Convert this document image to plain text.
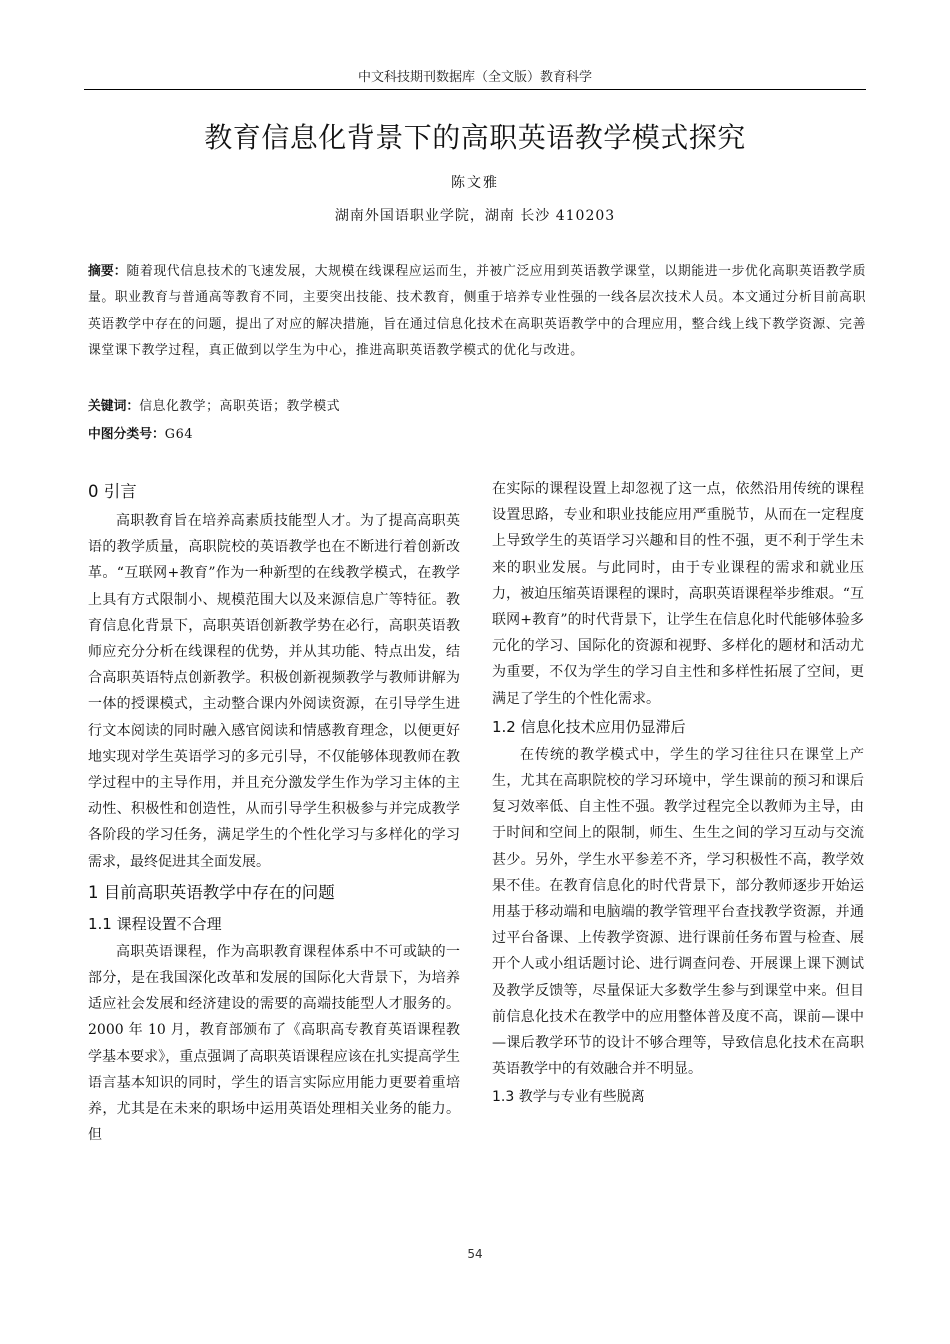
中文科技期刊数据库（全文版）教育科学
教育信息化背景下的高职英语教学模式探究
陈文雅
湖南外国语职业学院，湖南 长沙 410203
摘要：随着现代信息技术的飞速发展，大规模在线课程应运而生，并被广泛应用到英语教学课堂，以期能进一步优化高职英语教学质量。职业教育与普通高等教育不同，主要突出技能、技术教育，侧重于培养专业性强的一线各层次技术人员。本文通过分析目前高职英语教学中存在的问题，提出了对应的解决措施，旨在通过信息化技术在高职英语教学中的合理应用，整合线上线下教学资源、完善课堂课下教学过程，真正做到以学生为中心，推进高职英语教学模式的优化与改进。
关键词：信息化教学；高职英语；教学模式
中图分类号：G64
0 引言

高职教育旨在培养高素质技能型人才。为了提高高职英语的教学质量，高职院校的英语教学也在不断进行着创新改革。“互联网+教育”作为一种新型的在线教学模式，在教学上具有方式限制小、规模范围大以及来源信息广等特征。教育信息化背景下，高职英语创新教学势在必行，高职英语教师应充分分析在线课程的优势，并从其功能、特点出发，结合高职英语特点创新教学。积极创新视频教学与教师讲解为一体的授课模式，主动整合课内外阅读资源，在引导学生进行文本阅读的同时融入感官阅读和情感教育理念，以便更好地实现对学生英语学习的多元引导，不仅能够体现教师在教学过程中的主导作用，并且充分激发学生作为学习主体的主动性、积极性和创造性，从而引导学生积极参与并完成教学各阶段的学习任务，满足学生的个性化学习与多样化的学习需求，最终促进其全面发展。

1 目前高职英语教学中存在的问题
1.1 课程设置不合理

高职英语课程，作为高职教育课程体系中不可或缺的一部分，是在我国深化改革和发展的国际化大背景下，为培养适应社会发展和经济建设的需要的高端技能型人才服务的。2000 年 10 月，教育部颁布了《高职高专教育英语课程教学基本要求》，重点强调了高职英语课程应该在扎实提高学生语言基本知识的同时，学生的语言实际应用能力更要着重培养，尤其是在未来的职场中运用英语处理相关业务的能力。但

在实际的课程设置上却忽视了这一点，依然沿用传统的课程设置思路，专业和职业技能应用严重脱节，从而在一定程度上导致学生的英语学习兴趣和目的性不强，更不利于学生未来的职业发展。与此同时，由于专业课程的需求和就业压力，被迫压缩英语课程的课时，高职英语课程举步维艰。“互联网+教育”的时代背景下，让学生在信息化时代能够体验多元化的学习、国际化的资源和视野、多样化的题材和活动尤为重要，不仅为学生的学习自主性和多样性拓展了空间，更满足了学生的个性化需求。

1.2 信息化技术应用仍显滞后

在传统的教学模式中，学生的学习往往只在课堂上产生，尤其在高职院校的学习环境中，学生课前的预习和课后复习效率低、自主性不强。教学过程完全以教师为主导，由于时间和空间上的限制，师生、生生之间的学习互动与交流甚少。另外，学生水平参差不齐，学习积极性不高，教学效果不佳。在教育信息化的时代背景下，部分教师逐步开始运用基于移动端和电脑端的教学管理平台查找教学资源，并通过平台备课、上传教学资源、进行课前任务布置与检查、展开个人或小组话题讨论、进行调查问卷、开展课上课下测试及教学反馈等，尽量保证大多数学生参与到课堂中来。但目前信息化技术在教学中的应用整体普及度不高，课前—课中—课后教学环节的设计不够合理等，导致信息化技术在高职英语教学中的有效融合并不明显。

1.3 教学与专业有些脱离
54
